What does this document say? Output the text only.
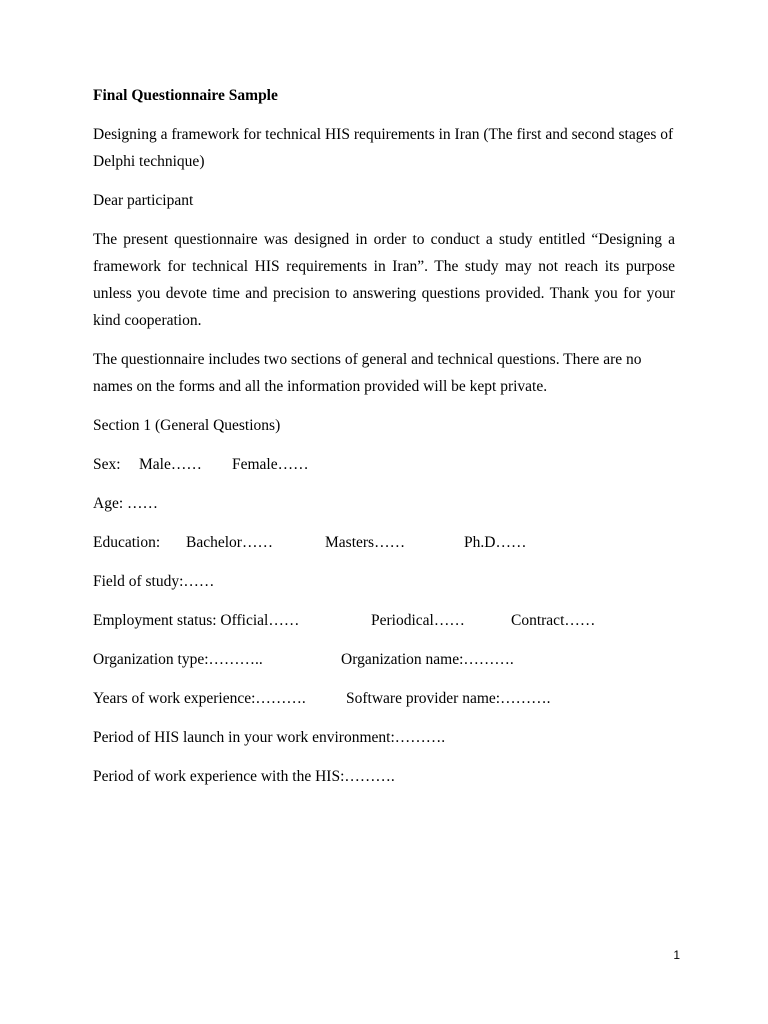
Final Questionnaire Sample

Designing a framework for technical HIS requirements in Iran (The first and second stages of Delphi technique)

Dear participant

The present questionnaire was designed in order to conduct a study entitled “Designing a framework for technical HIS requirements in Iran”. The study may not reach its purpose unless you devote time and precision to answering questions provided. Thank you for your kind cooperation.

The questionnaire includes two sections of general and technical questions. There are no names on the forms and all the information provided will be kept private.

Section 1 (General Questions)

Sex: Male…… Female……
Age: ……
Education: Bachelor……	Masters……	Ph.D……
Field of study:……
Employment status: Official……	Periodical……	Contract……
Organization type:………..	Organization name:……….
Years of work experience:……….	Software provider name:……….
Period of HIS launch in your work environment:……….
Period of work experience with the HIS:……….
1
